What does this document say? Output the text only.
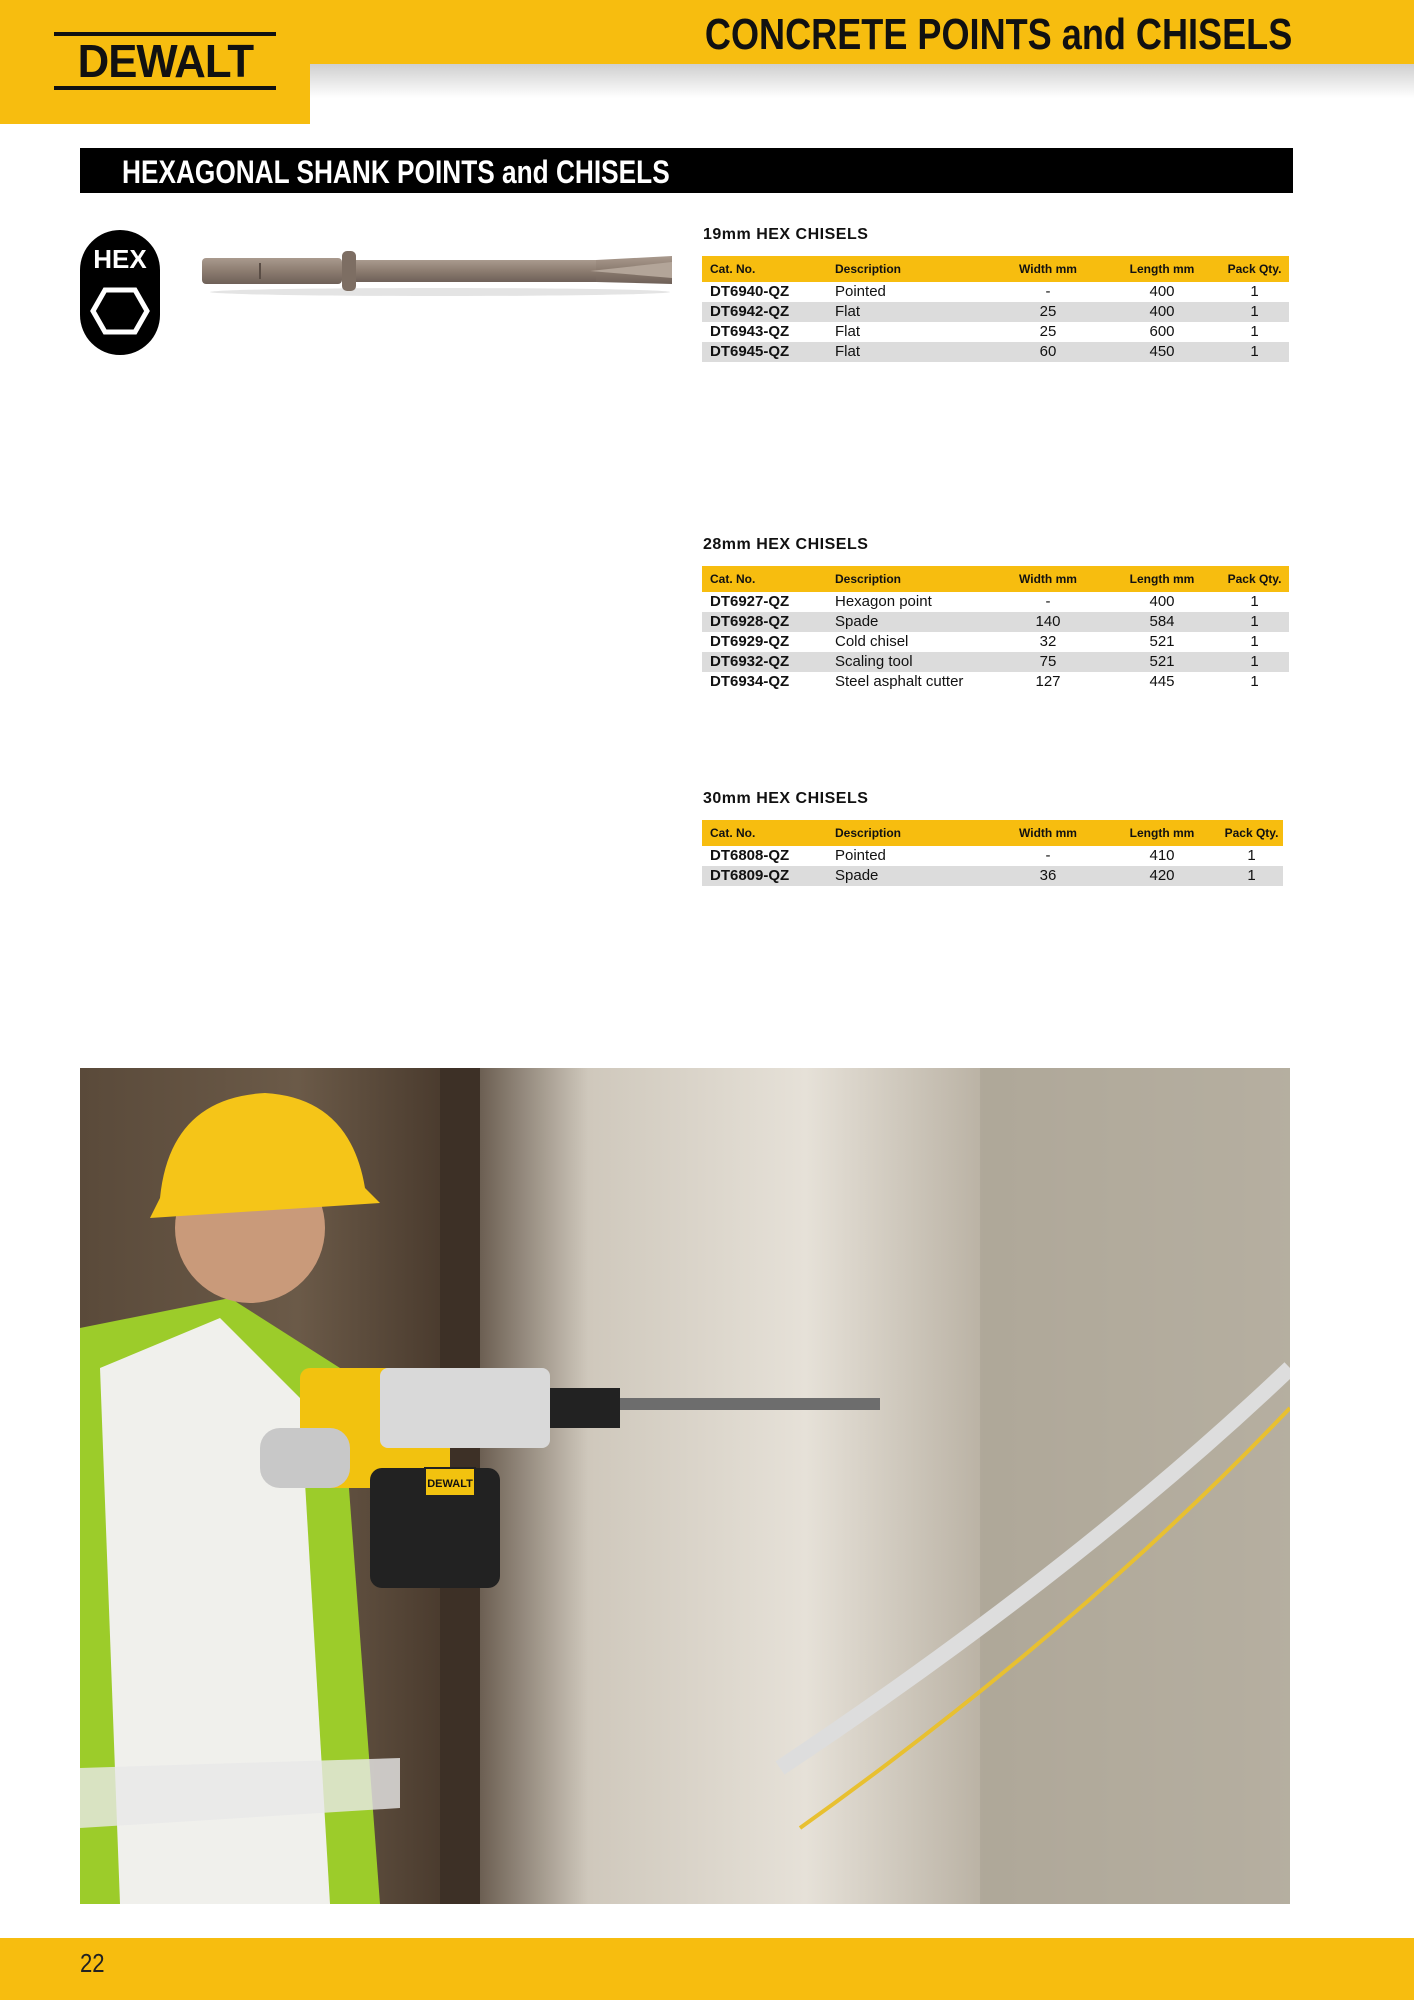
DEWALT
CONCRETE POINTS and CHISELS
HEXAGONAL SHANK POINTS and CHISELS
HEX
19mm HEX CHISELS
Cat. No.	Description	Width mm	Length mm	Pack Qty.
DT6940-QZ	Pointed	-	400	1
DT6942-QZ	Flat	25	400	1
DT6943-QZ	Flat	25	600	1
DT6945-QZ	Flat	60	450	1
28mm HEX CHISELS
Cat. No.	Description	Width mm	Length mm	Pack Qty.
DT6927-QZ	Hexagon point	-	400	1
DT6928-QZ	Spade	140	584	1
DT6929-QZ	Cold chisel	32	521	1
DT6932-QZ	Scaling tool	75	521	1
DT6934-QZ	Steel asphalt cutter	127	445	1
30mm HEX CHISELS
Cat. No.	Description	Width mm	Length mm	Pack Qty.
DT6808-QZ	Pointed	-	410	1
DT6809-QZ	Spade	36	420	1
DEWALT
22
